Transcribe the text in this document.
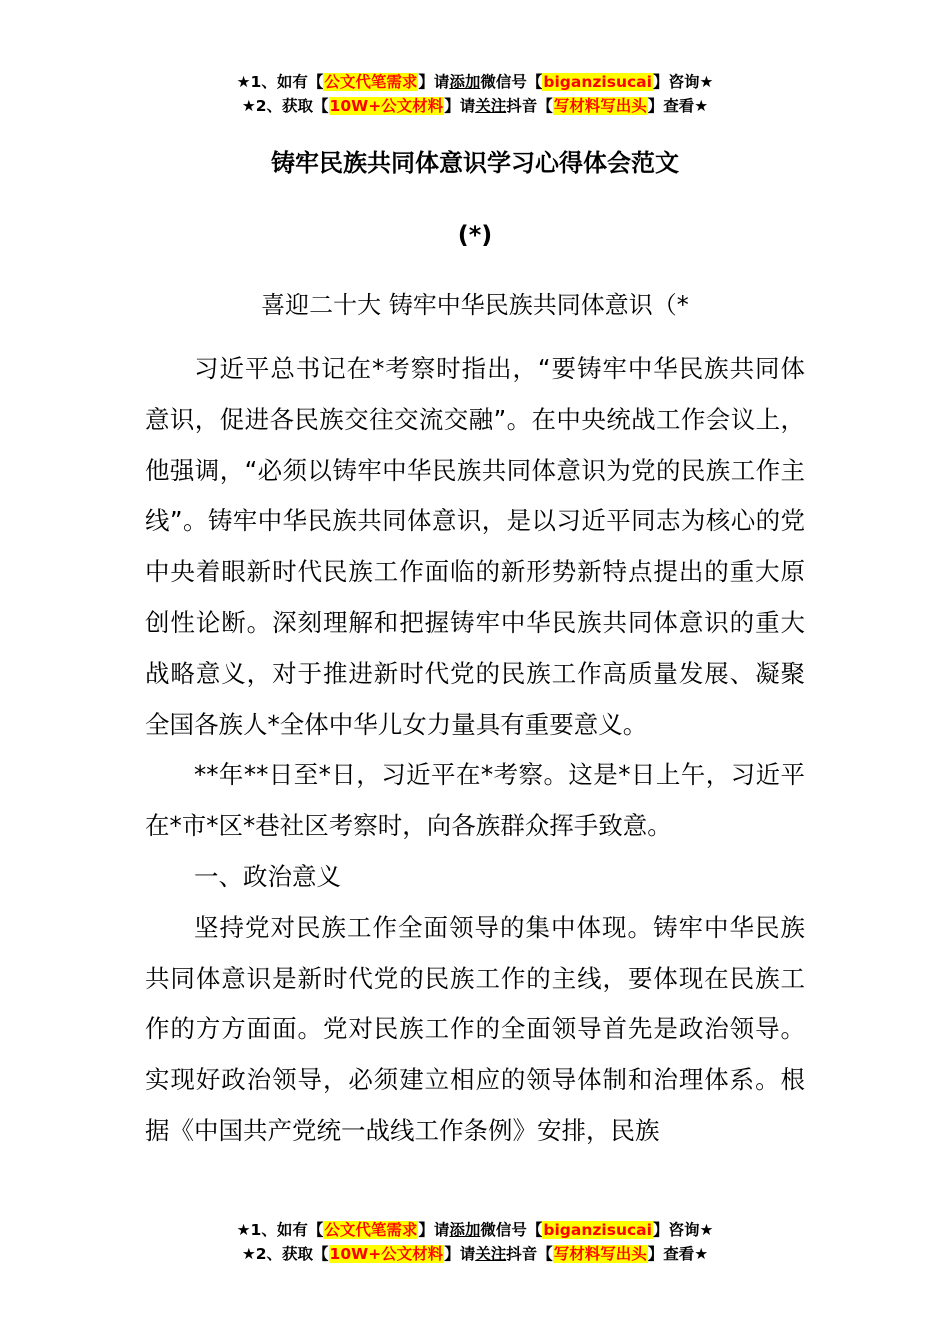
★1、如有【公文代笔需求】请添加微信号【biganzisucai】咨询★
★2、获取【10W+公文材料】请关注抖音【写材料写出头】查看★
铸牢民族共同体意识学习心得体会范文
(*)
喜迎二十大 铸牢中华民族共同体意识（*

习近平总书记在*考察时指出，“要铸牢中华民族共同体意识，促进各民族交往交流交融”。在中央统战工作会议上，他强调，“必须以铸牢中华民族共同体意识为党的民族工作主线”。铸牢中华民族共同体意识，是以习近平同志为核心的党中央着眼新时代民族工作面临的新形势新特点提出的重大原创性论断。深刻理解和把握铸牢中华民族共同体意识的重大战略意义，对于推进新时代党的民族工作高质量发展、凝聚全国各族人*全体中华儿女力量具有重要意义。

**年**日至*日，习近平在*考察。这是*日上午，习近平在*市*区*巷社区考察时，向各族群众挥手致意。

一、政治意义

坚持党对民族工作全面领导的集中体现。铸牢中华民族共同体意识是新时代党的民族工作的主线，要体现在民族工作的方方面面。党对民族工作的全面领导首先是政治领导。实现好政治领导，必须建立相应的领导体制和治理体系。根据《中国共产党统一战线工作条例》安排，民族

★1、如有【公文代笔需求】请添加微信号【biganzisucai】咨询★
★2、获取【10W+公文材料】请关注抖音【写材料写出头】查看★
